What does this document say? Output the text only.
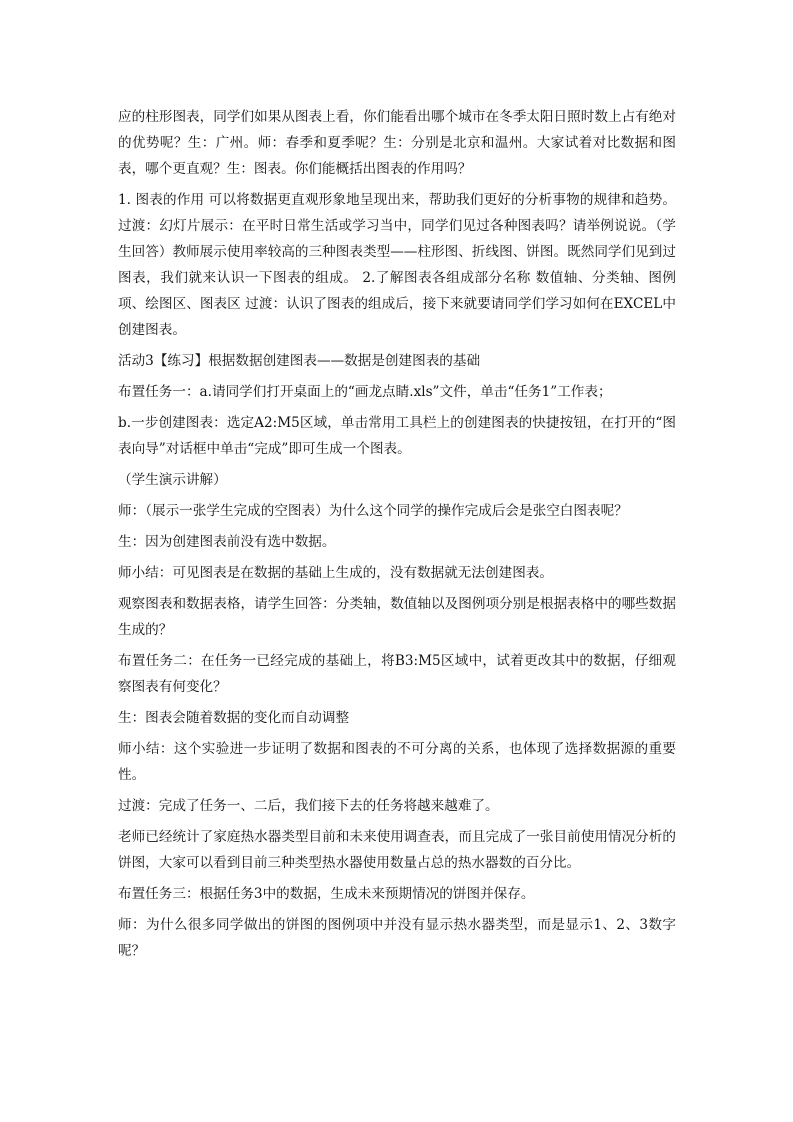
应的柱形图表，同学们如果从图表上看，你们能看出哪个城市在冬季太阳日照时数上占有绝对的优势呢？生：广州。师：春季和夏季呢？生：分别是北京和温州。大家试着对比数据和图表，哪个更直观？生：图表。你们能概括出图表的作用吗？

1. 图表的作用 可以将数据更直观形象地呈现出来，帮助我们更好的分析事物的规律和趋势。 过渡：幻灯片展示：在平时日常生活或学习当中，同学们见过各种图表吗？请举例说说。（学生回答）教师展示使用率较高的三种图表类型——柱形图、折线图、饼图。既然同学们见到过图表，我们就来认识一下图表的组成。 2.了解图表各组成部分名称 数值轴、分类轴、图例项、绘图区、图表区 过渡：认识了图表的组成后，接下来就要请同学们学习如何在EXCEL中创建图表。

活动3【练习】根据数据创建图表——数据是创建图表的基础

布置任务一：a.请同学们打开桌面上的“画龙点睛.xls”文件，单击“任务1”工作表；

b.一步创建图表：选定A2:M5区域，单击常用工具栏上的创建图表的快捷按钮，在打开的“图表向导”对话框中单击“完成”即可生成一个图表。

（学生演示讲解）

师：（展示一张学生完成的空图表）为什么这个同学的操作完成后会是张空白图表呢？

生：因为创建图表前没有选中数据。

师小结：可见图表是在数据的基础上生成的，没有数据就无法创建图表。

观察图表和数据表格，请学生回答：分类轴，数值轴以及图例项分别是根据表格中的哪些数据生成的？

布置任务二：在任务一已经完成的基础上，将B3:M5区域中，试着更改其中的数据，仔细观察图表有何变化？

生：图表会随着数据的变化而自动调整

师小结：这个实验进一步证明了数据和图表的不可分离的关系，也体现了选择数据源的重要性。

过渡：完成了任务一、二后，我们接下去的任务将越来越难了。

老师已经统计了家庭热水器类型目前和未来使用调查表，而且完成了一张目前使用情况分析的饼图，大家可以看到目前三种类型热水器使用数量占总的热水器数的百分比。

布置任务三：根据任务3中的数据，生成未来预期情况的饼图并保存。

师：为什么很多同学做出的饼图的图例项中并没有显示热水器类型，而是显示1、2、3数字呢？
